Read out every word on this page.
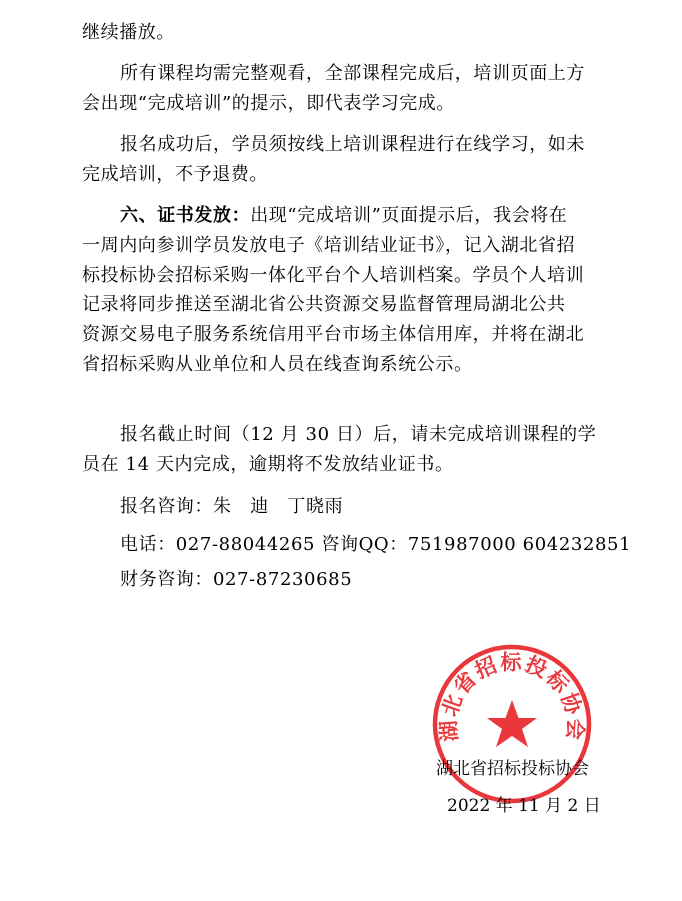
继续播放。
所有课程均需完整观看，全部课程完成后，培训页面上方
会出现“完成培训”的提示，即代表学习完成。
报名成功后，学员须按线上培训课程进行在线学习，如未
完成培训，不予退费。
六、证书发放：出现“完成培训”页面提示后，我会将在
一周内向参训学员发放电子《培训结业证书》，记入湖北省招
标投标协会招标采购一体化平台个人培训档案。学员个人培训
记录将同步推送至湖北省公共资源交易监督管理局湖北公共
资源交易电子服务系统信用平台市场主体信用库，并将在湖北
省招标采购从业单位和人员在线查询系统公示。
报名截止时间（12 月 30 日）后，请未完成培训课程的学
员在 14 天内完成，逾期将不发放结业证书。
报名咨询：朱　迪　丁晓雨
电话：027-88044265 咨询QQ：751987000 604232851
财务咨询：027-87230685
湖北省招标投标协会
湖北省招标投标协会
2022 年 11 月 2 日
